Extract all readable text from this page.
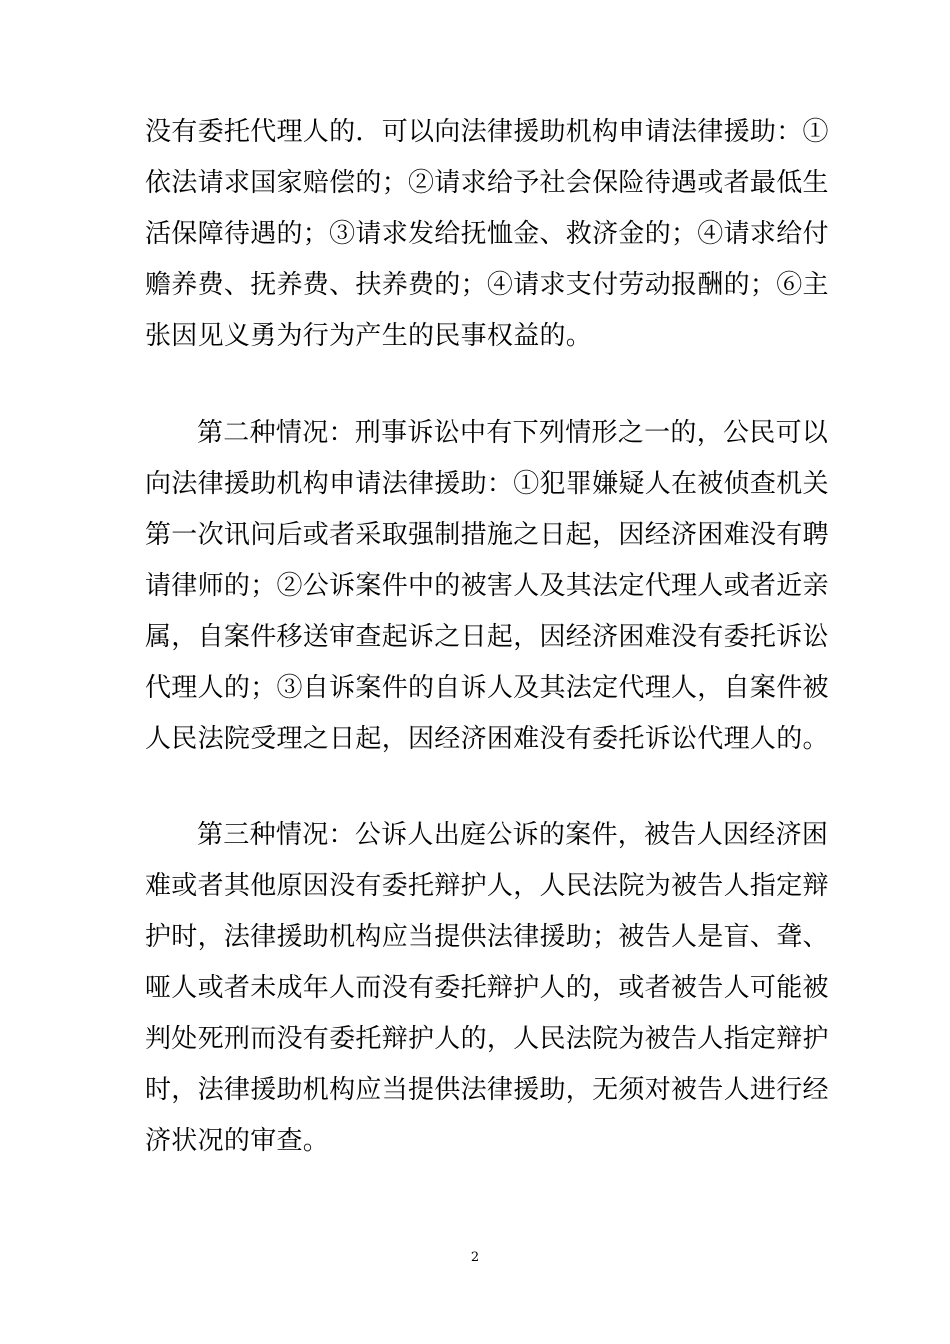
没有委托代理人的．可以向法律援助机构申请法律援助：①
依法请求国家赔偿的；②请求给予社会保险待遇或者最低生
活保障待遇的；③请求发给抚恤金、救济金的；④请求给付
赡养费、抚养费、扶养费的；④请求支付劳动报酬的；⑥主
张因见义勇为行为产生的民事权益的。
第二种情况：刑事诉讼中有下列情形之一的，公民可以
向法律援助机构申请法律援助：①犯罪嫌疑人在被侦查机关
第一次讯问后或者采取强制措施之日起，因经济困难没有聘
请律师的；②公诉案件中的被害人及其法定代理人或者近亲
属，自案件移送审查起诉之日起，因经济困难没有委托诉讼
代理人的；③自诉案件的自诉人及其法定代理人，自案件被
人民法院受理之日起，因经济困难没有委托诉讼代理人的。
第三种情况：公诉人出庭公诉的案件，被告人因经济困
难或者其他原因没有委托辩护人，人民法院为被告人指定辩
护时，法律援助机构应当提供法律援助；被告人是盲、聋、
哑人或者未成年人而没有委托辩护人的，或者被告人可能被
判处死刑而没有委托辩护人的，人民法院为被告人指定辩护
时，法律援助机构应当提供法律援助，无须对被告人进行经
济状况的审查。
2
